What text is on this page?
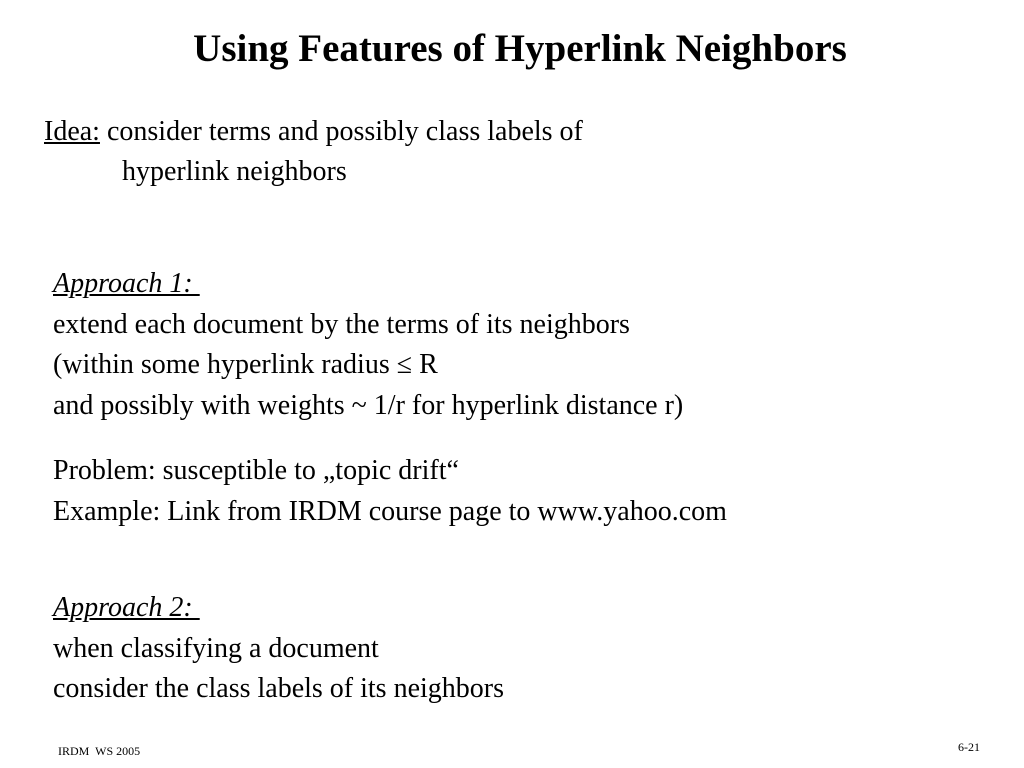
Using Features of Hyperlink Neighbors
Idea: consider terms and possibly class labels of
hyperlink neighbors
Approach 1:
extend each document by the terms of its neighbors
(within some hyperlink radius ≤ R
and possibly with weights ~ 1/r for hyperlink distance r)
Problem: susceptible to „topic drift“
Example: Link from IRDM course page to www.yahoo.com
Approach 2:
when classifying a document
consider the class labels of its neighbors
IRDM  WS 2005	6-21
